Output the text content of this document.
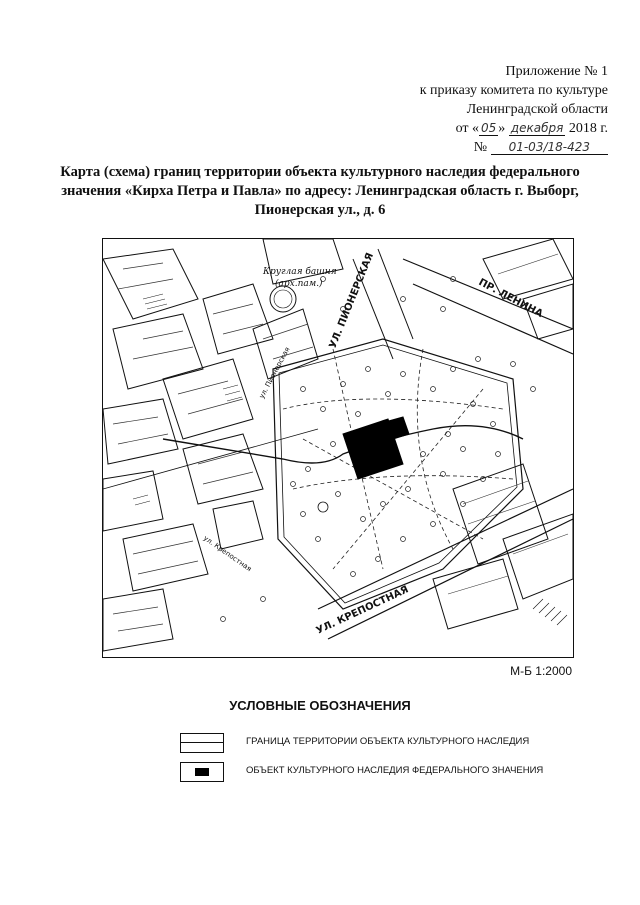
Приложение № 1
к приказу комитета по культуре
Ленинградской области
от « 05 » декабря 2018 г.
№ 01-03/18-423
Карта (схема) границ территории объекта культурного наследия федерального
значения «Кирха Петра и Павла» по адресу: Ленинградская область г. Выборг,
Пионерская ул., д. 6
УЛ. ПИОНЕРСКАЯ	ПР. ЛЕНИНА
УЛ. КРЕПОСТНАЯ
Круглая башня
(арх.пам.)
ул. Пионерская
ул. Крепостная
М-Б 1:2000
УСЛОВНЫЕ ОБОЗНАЧЕНИЯ
ГРАНИЦА ТЕРРИТОРИИ ОБЪЕКТА КУЛЬТУРНОГО НАСЛЕДИЯ
ОБЪЕКТ КУЛЬТУРНОГО НАСЛЕДИЯ ФЕДЕРАЛЬНОГО ЗНАЧЕНИЯ
